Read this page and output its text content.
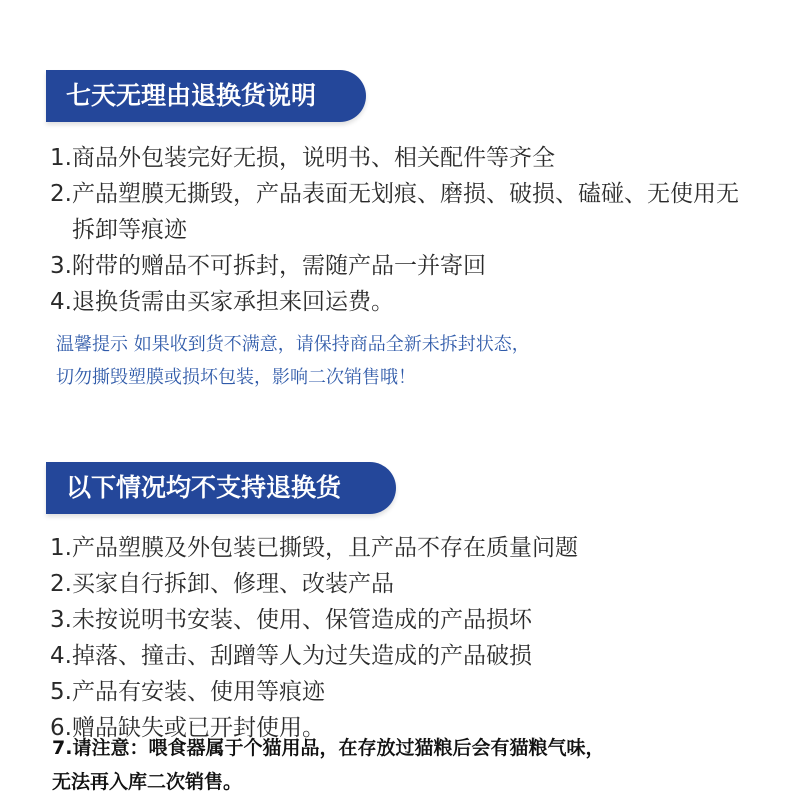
七天无理由退换货说明
1.商品外包装完好无损，说明书、相关配件等齐全
2.产品塑膜无撕毁，产品表面无划痕、磨损、破损、磕碰、无使用无
拆卸等痕迹
3.附带的赠品不可拆封，需随产品一并寄回
4.退换货需由买家承担来回运费。
温馨提示 如果收到货不满意，请保持商品全新未拆封状态，
切勿撕毁塑膜或损坏包装，影响二次销售哦！
以下情况均不支持退换货
1.产品塑膜及外包装已撕毁，且产品不存在质量问题
2.买家自行拆卸、修理、改装产品
3.未按说明书安装、使用、保管造成的产品损坏
4.掉落、撞击、刮蹭等人为过失造成的产品破损
5.产品有安装、使用等痕迹
6.赠品缺失或已开封使用。
7.请注意：喂食器属于个猫用品，在存放过猫粮后会有猫粮气味，
无法再入库二次销售。
